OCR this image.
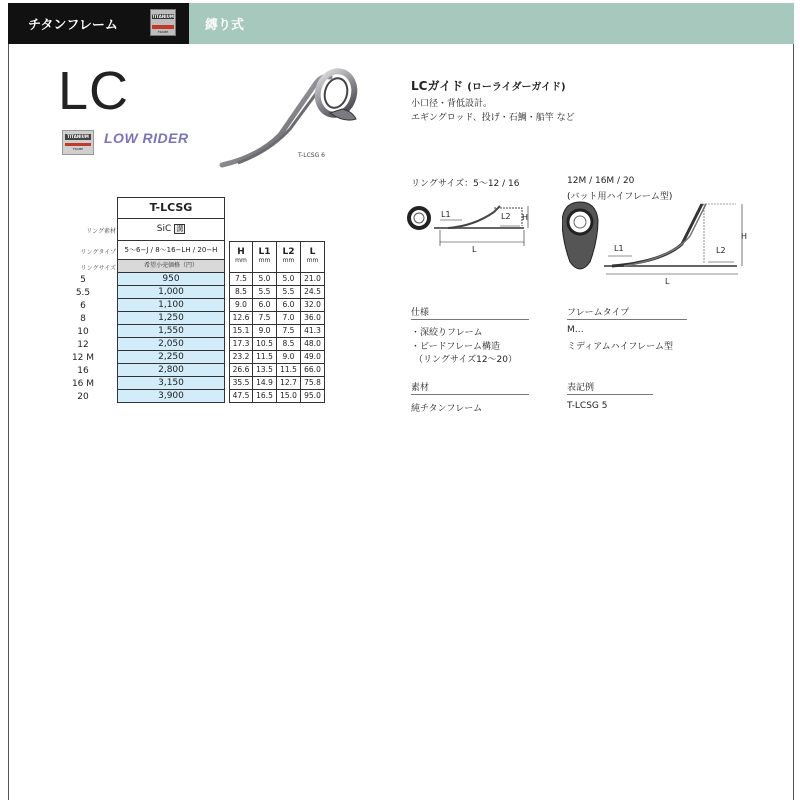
チタンフレーム
TITANIUM
FRAME	縛り式
LC
TITANIUM
FRAME
LOW RIDER
T-LCSG 6
LCガイド (ローライダーガイド)
小口径・背低設計。
エギングロッド、投げ・石鯛・船竿 など
リングサイズ：5〜12 / 16	12M / 16M / 20
(バット用ハイフレーム型)
L1	L2 H
L	L1	L2
H
L
T-LCSG
リング素材	SiC 溝
リングタイプ	5〜6−J / 8〜16−LH / 20−H
リングサイズ	希望小売価格（円）
H
mm
L1
mm
L2
mm
L
mm
5	950	7.5	5.0	5.0	21.0
5.5	1,000	8.5	5.5	5.5	24.5
6	1,100	9.0	6.0	6.0	32.0
8	1,250	12.6	7.5	7.0	36.0
10	1,550	15.1	9.0	7.5	41.3
12	2,050	17.3 10.5	8.5	48.0
12 M	2,250	23.2 11.5	9.0	49.0
16	2,800	26.6 13.5 11.5 66.0
16 M	3,150	35.5 14.9 12.7 75.8
20	3,900	47.5 16.5 15.0 95.0
仕様
・深絞りフレーム
・ビードフレーム構造
（リングサイズ12〜20）
フレームタイプ
M…
ミディアムハイフレーム型
素材
純チタンフレーム
表記例
T-LCSG 5
